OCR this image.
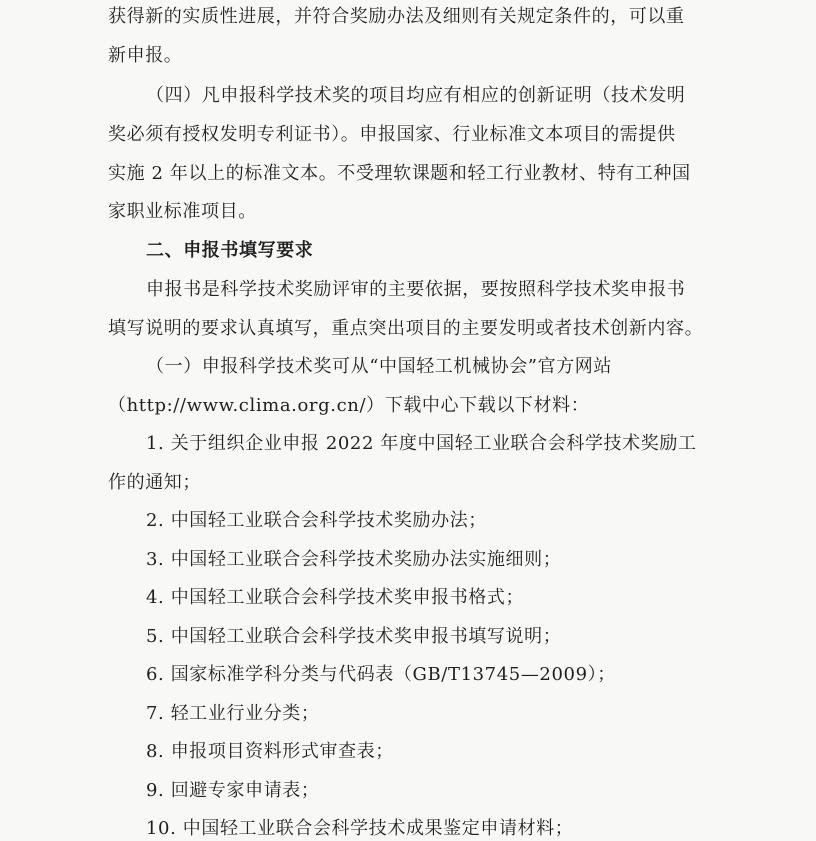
获得新的实质性进展，并符合奖励办法及细则有关规定条件的，可以重
新申报。
（四）凡申报科学技术奖的项目均应有相应的创新证明（技术发明
奖必须有授权发明专利证书）。申报国家、行业标准文本项目的需提供
实施 2 年以上的标准文本。不受理软课题和轻工行业教材、特有工种国
家职业标准项目。
二、申报书填写要求
申报书是科学技术奖励评审的主要依据，要按照科学技术奖申报书
填写说明的要求认真填写，重点突出项目的主要发明或者技术创新内容。
（一）申报科学技术奖可从“中国轻工机械协会”官方网站
（http://www.clima.org.cn/）下载中心下载以下材料：
1. 关于组织企业申报 2022 年度中国轻工业联合会科学技术奖励工
作的通知；
2. 中国轻工业联合会科学技术奖励办法；
3. 中国轻工业联合会科学技术奖励办法实施细则；
4. 中国轻工业联合会科学技术奖申报书格式；
5. 中国轻工业联合会科学技术奖申报书填写说明；
6. 国家标准学科分类与代码表（GB/T13745—2009）；
7. 轻工业行业分类；
8. 申报项目资料形式审查表；
9. 回避专家申请表；
10. 中国轻工业联合会科学技术成果鉴定申请材料；
